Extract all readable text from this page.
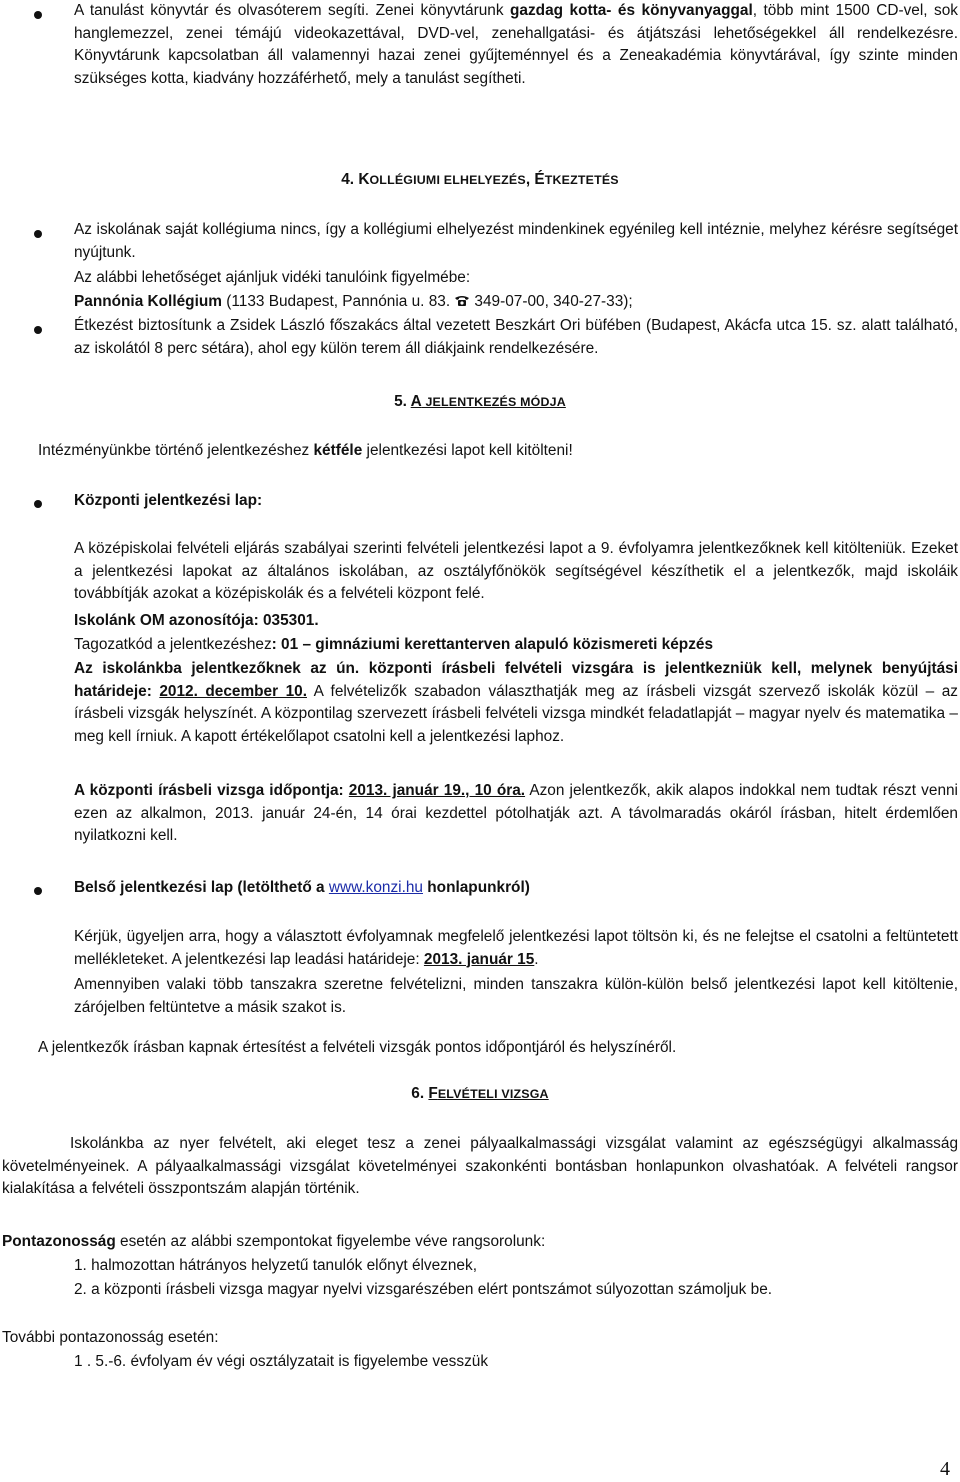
A tanulást könyvtár és olvasóterem segíti. Zenei könyvtárunk gazdag kotta- és könyvanyaggal, több mint 1500 CD-vel, sok hanglemezzel, zenei témájú videokazettával, DVD-vel, zenehallgatási- és átjátszási lehetőségekkel áll rendelkezésre. Könyvtárunk kapcsolatban áll valamennyi hazai zenei gyűjteménnyel és a Zeneakadémia könyvtárával, így szinte minden szükséges kotta, kiadvány hozzáférhető, mely a tanulást segítheti.

4. KOLLÉGIUMI ELHELYEZÉS, ÉTKEZTETÉS

Az iskolának saját kollégiuma nincs, így a kollégiumi elhelyezést mindenkinek egyénileg kell intéznie, melyhez kérésre segítséget nyújtunk.

Az alábbi lehetőséget ajánljuk vidéki tanulóink figyelmébe:

Pannónia Kollégium (1133 Budapest, Pannónia u. 83. 349-07-00, 340-27-33);

Étkezést biztosítunk a Zsidek László főszakács által vezetett Beszkárt Ori büfében (Budapest, Akácfa utca 15. sz. alatt található, az iskolától 8 perc sétára), ahol egy külön terem áll diákjaink rendelkezésére.

5. A JELENTKEZÉS MÓDJA

Intézményünkbe történő jelentkezéshez kétféle jelentkezési lapot kell kitölteni!

Központi jelentkezési lap:

A középiskolai felvételi eljárás szabályai szerinti felvételi jelentkezési lapot a 9. évfolyamra jelentkezőknek kell kitölteniük. Ezeket a jelentkezési lapokat az általános iskolában, az osztályfőnökök segítségével készíthetik el a jelentkezők, majd iskoláik továbbítják azokat a középiskolák és a felvételi központ felé.

Iskolánk OM azonosítója: 035301.

Tagozatkód a jelentkezéshez: 01 – gimnáziumi kerettanterven alapuló közismereti képzés

Az iskolánkba jelentkezőknek az ún. központi írásbeli felvételi vizsgára is jelentkezniük kell, melynek benyújtási határideje: 2012. december 10. A felvételizők szabadon választhatják meg az írásbeli vizsgát szervező iskolák közül – az írásbeli vizsgák helyszínét. A központilag szervezett írásbeli felvételi vizsga mindkét feladatlapját – magyar nyelv és matematika – meg kell írniuk. A kapott értékelőlapot csatolni kell a jelentkezési laphoz.

A központi írásbeli vizsga időpontja: 2013. január 19., 10 óra. Azon jelentkezők, akik alapos indokkal nem tudtak részt venni ezen az alkalmon, 2013. január 24-én, 14 órai kezdettel pótolhatják azt. A távolmaradás okáról írásban, hitelt érdemlően nyilatkozni kell.

Belső jelentkezési lap (letölthető a www.konzi.hu honlapunkról)

Kérjük, ügyeljen arra, hogy a választott évfolyamnak megfelelő jelentkezési lapot töltsön ki, és ne felejtse el csatolni a feltüntetett mellékleteket. A jelentkezési lap leadási határideje: 2013. január 15.

Amennyiben valaki több tanszakra szeretne felvételizni, minden tanszakra külön-külön belső jelentkezési lapot kell kitöltenie, zárójelben feltüntetve a másik szakot is.

A jelentkezők írásban kapnak értesítést a felvételi vizsgák pontos időpontjáról és helyszínéről.

6. FELVÉTELI VIZSGA

Iskolánkba az nyer felvételt, aki eleget tesz a zenei pályaalkalmassági vizsgálat valamint az egészségügyi alkalmasság követelményeinek. A pályaalkalmassági vizsgálat követelményei szakonkénti bontásban honlapunkon olvashatóak. A felvételi rangsor kialakítása a felvételi összpontszám alapján történik.

Pontazonosság esetén az alábbi szempontokat figyelembe véve rangsorolunk:

1. halmozottan hátrányos helyzetű tanulók előnyt élveznek,

2. a központi írásbeli vizsga magyar nyelvi vizsgarészében elért pontszámot súlyozottan számoljuk be.

További pontazonosság esetén:

1 . 5.-6. évfolyam év végi osztályzatait is figyelembe vesszük

4
